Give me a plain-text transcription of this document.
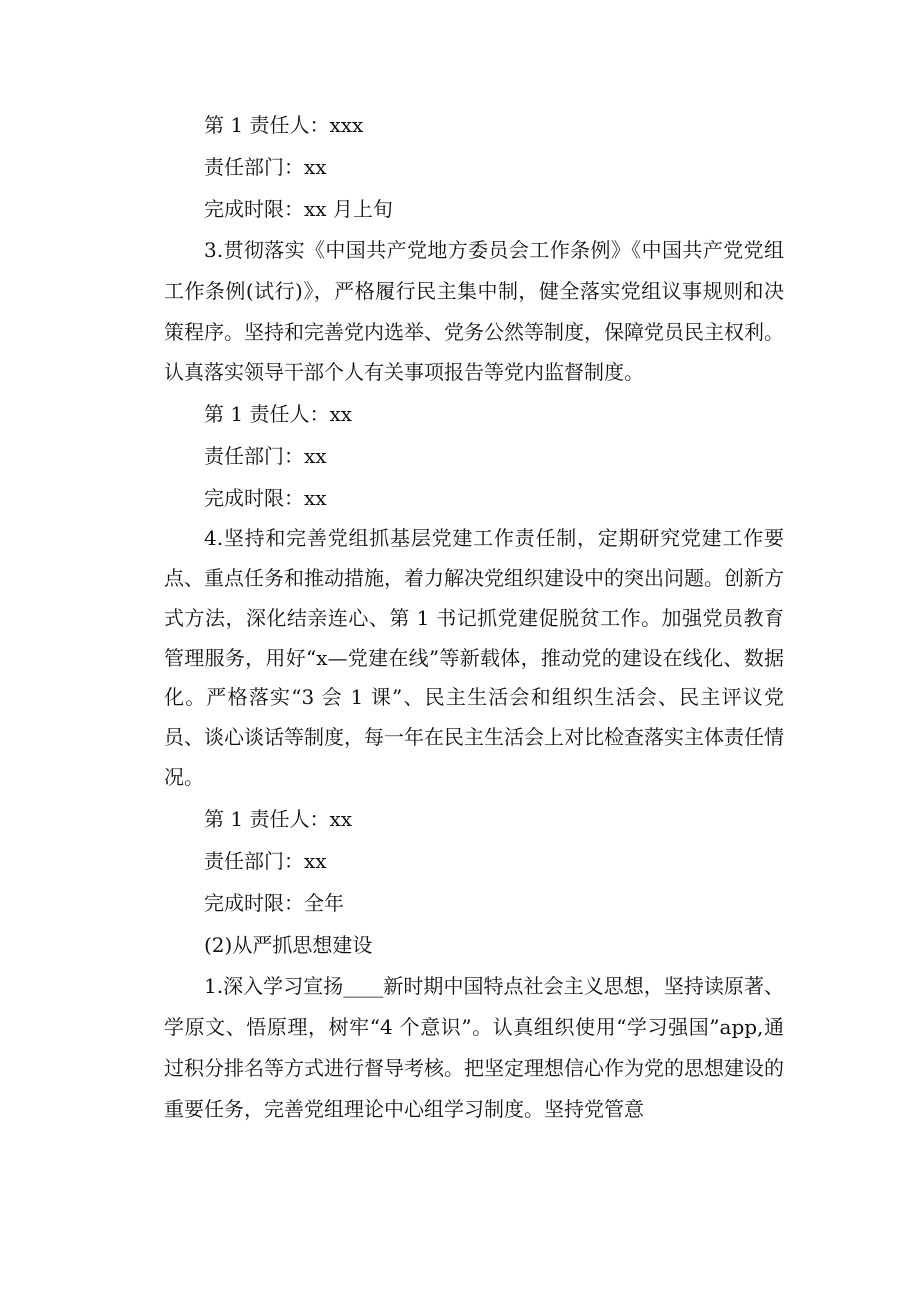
第 1 责任人：xxx

责任部门：xx

完成时限：xx 月上旬

3.贯彻落实《中国共产党地方委员会工作条例》《中国共产党党组工作条例(试行)》，严格履行民主集中制，健全落实党组议事规则和决策程序。坚持和完善党内选举、党务公然等制度，保障党员民主权利。认真落实领导干部个人有关事项报告等党内监督制度。

第 1 责任人：xx

责任部门：xx

完成时限：xx

4.坚持和完善党组抓基层党建工作责任制，定期研究党建工作要点、重点任务和推动措施，着力解决党组织建设中的突出问题。创新方式方法，深化结亲连心、第 1 书记抓党建促脱贫工作。加强党员教育管理服务，用好“x—党建在线”等新载体，推动党的建设在线化、数据化。严格落实“3 会 1 课”、民主生活会和组织生活会、民主评议党员、谈心谈话等制度，每一年在民主生活会上对比检查落实主体责任情况。

第 1 责任人：xx

责任部门：xx

完成时限：全年

(2)从严抓思想建设

1.深入学习宣扬____新时期中国特点社会主义思想，坚持读原著、学原文、悟原理，树牢“4 个意识”。认真组织使用“学习强国”app,通过积分排名等方式进行督导考核。把坚定理想信心作为党的思想建设的重要任务，完善党组理论中心组学习制度。坚持党管意
